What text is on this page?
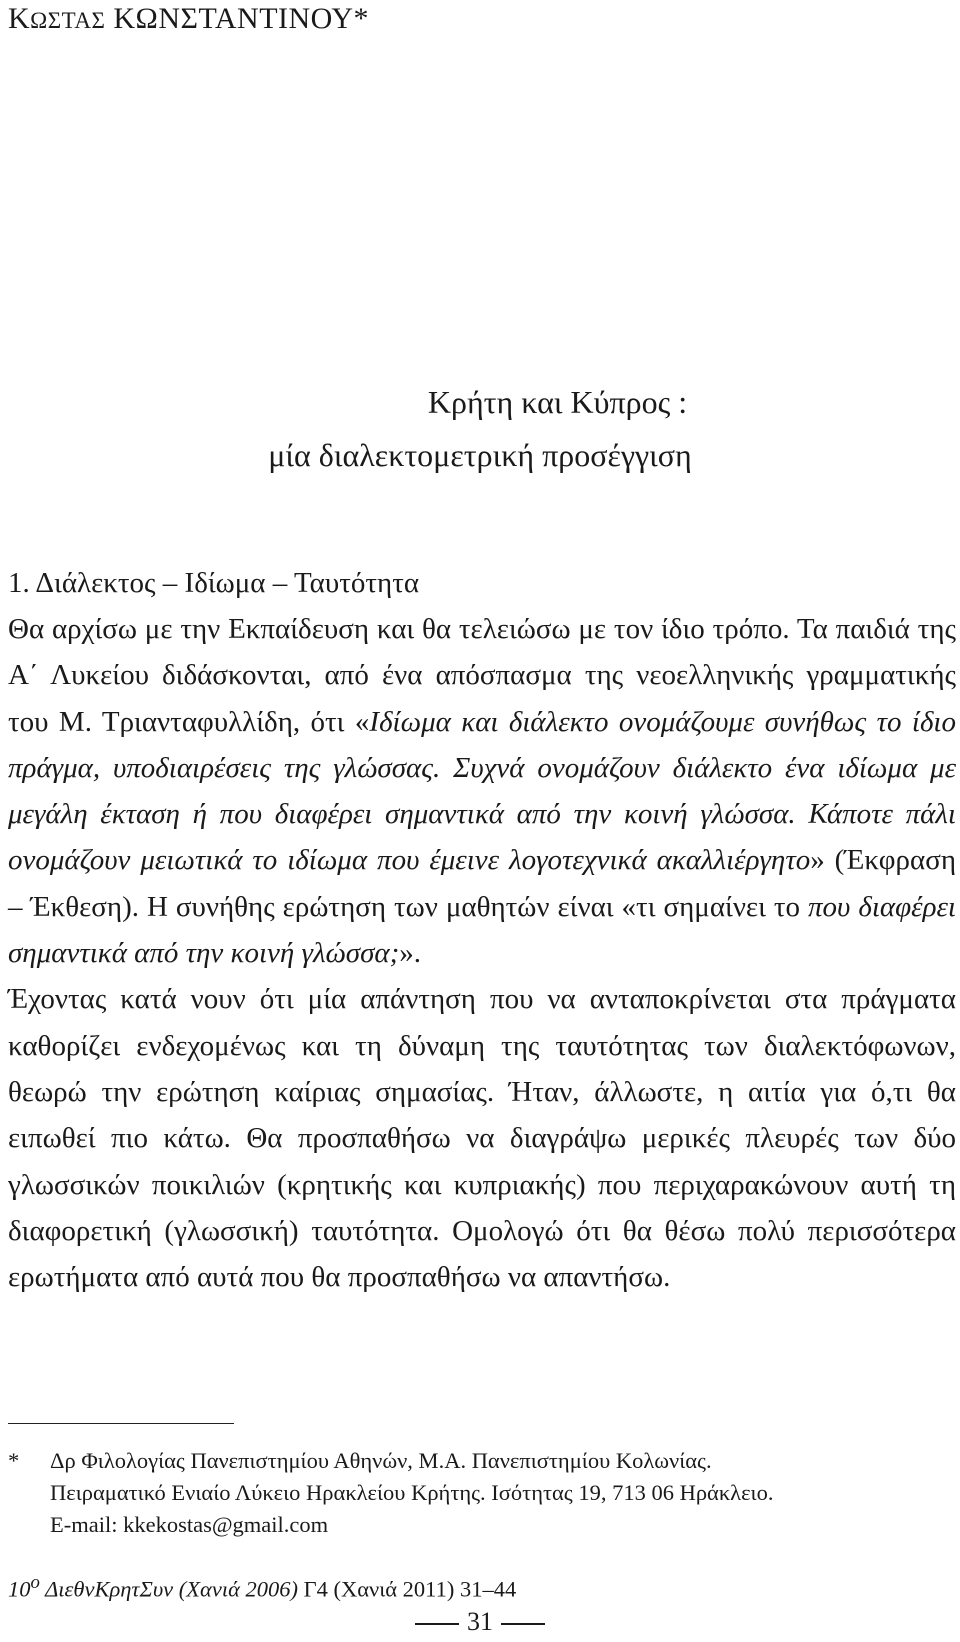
ΚΩΣΤΑΣ ΚΩΝΣΤΑΝΤΙΝΟΥ*
Κρήτη και Κύπρος :
μία διαλεκτομετρική προσέγγιση
1. Διάλεκτος – Ιδίωμα – Ταυτότητα

Θα αρχίσω με την Εκπαίδευση και θα τελειώσω με τον ίδιο τρόπο. Τα παιδιά της Α΄ Λυκείου διδάσκονται, από ένα απόσπασμα της νεοελληνικής γραμματικής του Μ. Τριανταφυλλίδη, ότι «Ιδίωμα και διάλεκτο ονομάζουμε συνήθως το ίδιο πράγμα, υποδιαιρέσεις της γλώσσας. Συχνά ονομάζουν διάλεκτο ένα ιδίωμα με μεγάλη έκταση ή που διαφέρει σημαντικά από την κοινή γλώσσα. Κάποτε πάλι ονομάζουν μειωτικά το ιδίωμα που έμεινε λογοτεχνικά ακαλλιέργητο» (Έκφραση – Έκθεση). Η συνήθης ερώτηση των μαθητών είναι «τι σημαίνει το που διαφέρει σημαντικά από την κοινή γλώσσα;».

Έχοντας κατά νουν ότι μία απάντηση που να ανταποκρίνεται στα πράγματα καθορίζει ενδεχομένως και τη δύναμη της ταυτότητας των διαλεκτόφωνων, θεωρώ την ερώτηση καίριας σημασίας. Ήταν, άλλωστε, η αιτία για ό,τι θα ειπωθεί πιο κάτω. Θα προσπαθήσω να διαγράψω μερικές πλευρές των δύο γλωσσικών ποικιλιών (κρητικής και κυπριακής) που περιχαρακώνουν αυτή τη διαφορετική (γλωσσική) ταυτότητα. Ομολογώ ότι θα θέσω πολύ περισσότερα ερωτήματα από αυτά που θα προσπαθήσω να απαντήσω.

* Δρ Φιλολογίας Πανεπιστημίου Αθηνών, Μ.Α. Πανεπιστημίου Κολωνίας.
Πειραματικό Ενιαίο Λύκειο Ηρακλείου Κρήτης. Ισότητας 19, 713 06 Ηράκλειο.
E-mail: kkekostas@gmail.com
$10^o$ ΔιεθνΚρητΣυν (Χανιά 2006) Γ4 (Χανιά 2011) 31–44
31
